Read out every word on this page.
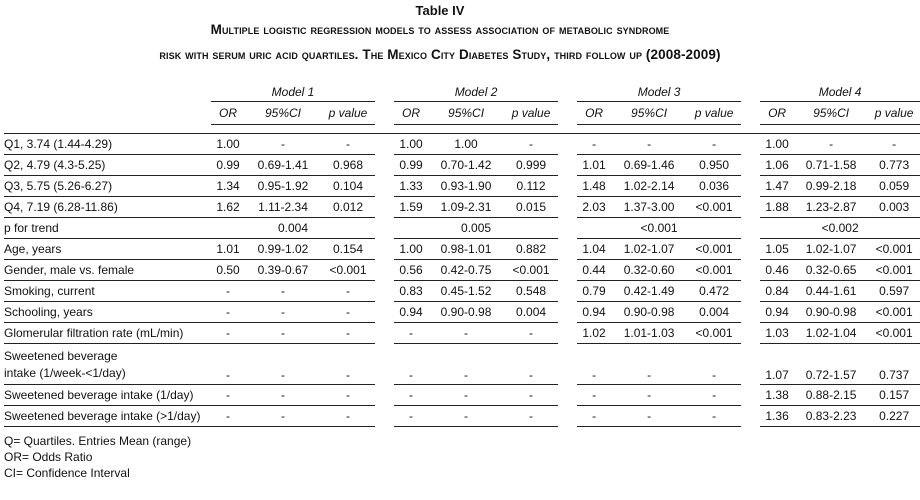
Table IV
Multiple logistic regression models to assess association of metabolic syndrome
risk with serum uric acid quartiles. The Mexico City Diabetes Study, third follow up (2008-2009)
	Model 1				Model 2				Model 3				Model 4		
	OR	95%CI	p value		OR	95%CI	p value		OR	95%CI	p value		OR	95%CI	p value

Q1, 3.74 (1.44-4.29)	1.00	-	-		1.00	1.00	-		-	-	-		1.00	-	-
Q2, 4.79 (4.3-5.25)	0.99	0.69-1.41	0.968		0.99	0.70-1.42	0.999		1.01	0.69-1.46	0.950		1.06	0.71-1.58	0.773
Q3, 5.75 (5.26-6.27)	1.34	0.95-1.92	0.104		1.33	0.93-1.90	0.112		1.48	1.02-2.14	0.036		1.47	0.99-2.18	0.059
Q4, 7.19 (6.28-11.86)	1.62	1.11-2.34	0.012		1.59	1.09-2.31	0.015		2.03	1.37-3.00	<0.001		1.88	1.23-2.87	0.003
p for trend	0.004				0.005				<0.001				<0.002		
Age, years	1.01	0.99-1.02	0.154		1.00	0.98-1.01	0.882		1.04	1.02-1.07	<0.001		1.05	1.02-1.07	<0.001
Gender, male vs. female	0.50	0.39-0.67	<0.001		0.56	0.42-0.75	<0.001		0.44	0.32-0.60	<0.001		0.46	0.32-0.65	<0.001
Smoking, current	-	-	-		0.83	0.45-1.52	0.548		0.79	0.42-1.49	0.472		0.84	0.44-1.61	0.597
Schooling, years	-	-	-		0.94	0.90-0.98	0.004		0.94	0.90-0.98	0.004		0.94	0.90-0.98	<0.001
Glomerular filtration rate (mL/min)	-	-	-		-	-	-		1.02	1.01-1.03	<0.001		1.03	1.02-1.04	<0.001

Sweetened beverage
intake (1/week-<1/day)	-	-	-		-	-	-		-	-	-		1.07	0.72-1.57	0.737
Sweetened beverage intake (1/day)	-	-	-		-	-	-		-	-	-		1.38	0.88-2.15	0.157
Sweetened beverage intake (>1/day)	-	-	-		-	-	-		-	-	-		1.36	0.83-2.23	0.227
Q= Quartiles. Entries Mean (range)
OR= Odds Ratio
CI= Confidence Interval
